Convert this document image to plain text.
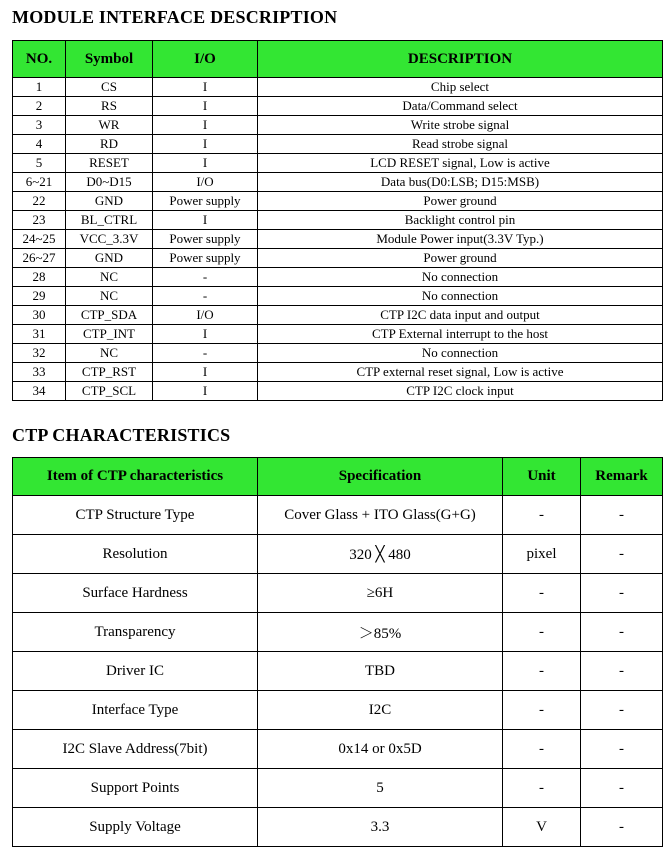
MODULE INTERFACE DESCRIPTION
NO.	Symbol	I/O	DESCRIPTION
1	CS	I	Chip select
2	RS	I	Data/Command select
3	WR	I	Write strobe signal
4	RD	I	Read strobe signal
5	RESET	I	LCD RESET signal, Low is active
6~21	D0~D15	I/O	Data bus(D0:LSB; D15:MSB)
22	GND	Power supply	Power ground
23	BL_CTRL	I	Backlight control pin
24~25	VCC_3.3V	Power supply	Module Power input(3.3V Typ.)
26~27	GND	Power supply	Power ground
28	NC	-	No connection
29	NC	-	No connection
30	CTP_SDA	I/O	CTP I2C data input and output
31	CTP_INT	I	CTP External interrupt to the host
32	NC	-	No connection
33	CTP_RST	I	CTP external reset signal, Low is active
34	CTP_SCL	I	CTP I2C clock input
CTP CHARACTERISTICS
Item of CTP characteristics	Specification	Unit	Remark
CTP Structure Type	Cover Glass + ITO Glass(G+G)	-	-
Resolution	320 ╳ 480	pixel	-
Surface Hardness	≥6H	-	-
Transparency	＞85%	-	-
Driver IC	TBD	-	-
Interface Type	I2C	-	-
I2C Slave Address(7bit)	0x14 or 0x5D	-	-
Support Points	5	-	-
Supply Voltage	3.3	V	-
